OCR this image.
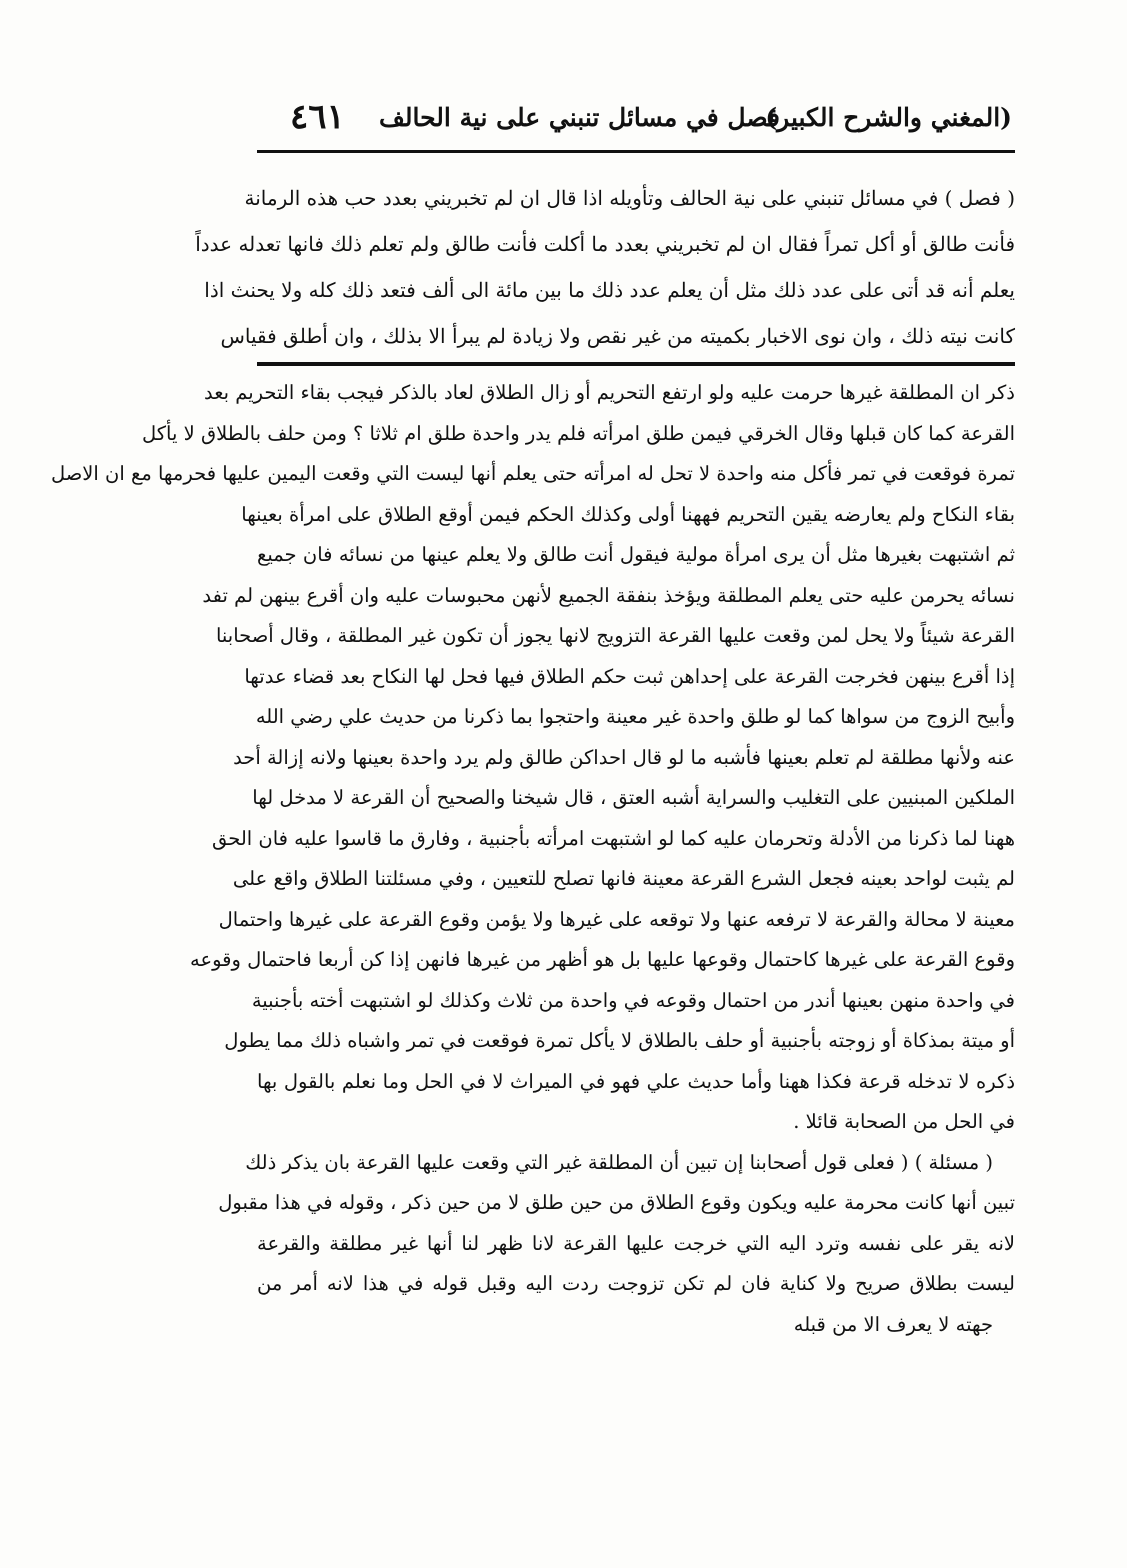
(المغني والشرح الكبير)
فصل في مسائل تنبني على نية الحالف
٤٦١
( فصل ) في مسائل تنبني على نية الحالف وتأويله اذا قال ان لم تخبريني بعدد حب هذه الرمانة
فأنت طالق أو أكل تمراً فقال ان لم تخبريني بعدد ما أكلت فأنت طالق ولم تعلم ذلك فانها تعدله عدداً
يعلم أنه قد أتى على عدد ذلك مثل أن يعلم عدد ذلك ما بين مائة الى ألف فتعد ذلك كله ولا يحنث اذا
كانت نيته ذلك ، وان نوى الاخبار بكميته من غير نقص ولا زيادة لم يبرأ الا بذلك ، وان أطلق فقياس
ذكر ان المطلقة غيرها حرمت عليه ولو ارتفع التحريم أو زال الطلاق لعاد بالذكر فيجب بقاء التحريم بعد
القرعة كما كان قبلها وقال الخرقي فيمن طلق امرأته فلم يدر واحدة طلق ام ثلاثا ؟ ومن حلف بالطلاق لا يأكل
تمرة فوقعت في تمر فأكل منه واحدة لا تحل له امرأته حتى يعلم أنها ليست التي وقعت اليمين عليها فحرمها مع ان الاصل
بقاء النكاح ولم يعارضه يقين التحريم فههنا أولى وكذلك الحكم فيمن أوقع الطلاق على امرأة بعينها
ثم اشتبهت بغيرها مثل أن يرى امرأة مولية فيقول أنت طالق ولا يعلم عينها من نسائه فان جميع
نسائه يحرمن عليه حتى يعلم المطلقة ويؤخذ بنفقة الجميع لأنهن محبوسات عليه وان أقرع بينهن لم تفد
القرعة شيئاً ولا يحل لمن وقعت عليها القرعة التزويج لانها يجوز أن تكون غير المطلقة ، وقال أصحابنا
إذا أقرع بينهن فخرجت القرعة على إحداهن ثبت حكم الطلاق فيها فحل لها النكاح بعد قضاء عدتها
وأبيح الزوج من سواها كما لو طلق واحدة غير معينة واحتجوا بما ذكرنا من حديث علي رضي الله
عنه ولأنها مطلقة لم تعلم بعينها فأشبه ما لو قال احداكن طالق ولم يرد واحدة بعينها ولانه إزالة أحد
الملكين المبنيين على التغليب والسراية أشبه العتق ، قال شيخنا والصحيح أن القرعة لا مدخل لها
ههنا لما ذكرنا من الأدلة وتحرمان عليه كما لو اشتبهت امرأته بأجنبية ، وفارق ما قاسوا عليه فان الحق
لم يثبت لواحد بعينه فجعل الشرع القرعة معينة فانها تصلح للتعيين ، وفي مسئلتنا الطلاق واقع على
معينة لا محالة والقرعة لا ترفعه عنها ولا توقعه على غيرها ولا يؤمن وقوع القرعة على غيرها واحتمال
وقوع القرعة على غيرها كاحتمال وقوعها عليها بل هو أظهر من غيرها فانهن إذا كن أربعا فاحتمال وقوعه
في واحدة منهن بعينها أندر من احتمال وقوعه في واحدة من ثلاث وكذلك لو اشتبهت أخته بأجنبية
أو ميتة بمذكاة أو زوجته بأجنبية أو حلف بالطلاق لا يأكل تمرة فوقعت في تمر واشباه ذلك مما يطول
ذكره لا تدخله قرعة فكذا ههنا وأما حديث علي فهو في الميراث لا في الحل وما نعلم بالقول بها
في الحل من الصحابة قائلا .
( مسئلة ) ( فعلى قول أصحابنا إن تبين أن المطلقة غير التي وقعت عليها القرعة بان يذكر ذلك
تبين أنها كانت محرمة عليه ويكون وقوع الطلاق من حين طلق لا من حين ذكر ، وقوله في هذا مقبول
لانه يقر على نفسه وترد اليه التي خرجت عليها القرعة لانا ظهر لنا أنها غير مطلقة والقرعة
ليست بطلاق صريح ولا كناية فان لم تكن تزوجت ردت اليه وقبل قوله في هذا لانه أمر من
جهته لا يعرف الا من قبله
